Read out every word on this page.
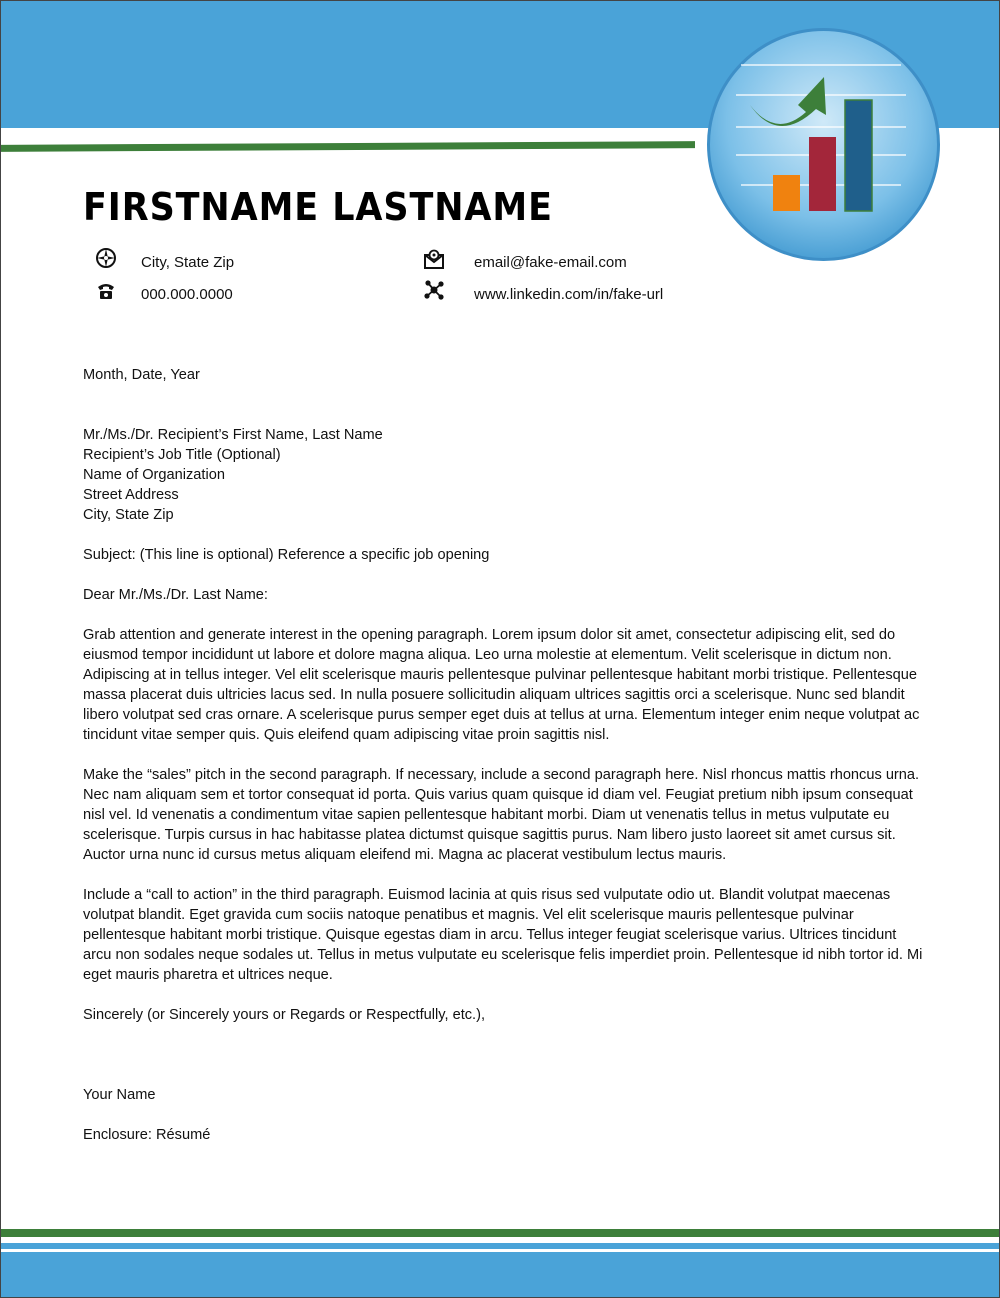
FIRSTNAME LASTNAME
City, State Zip
000.000.0000
email@fake-email.com
www.linkedin.com/in/fake-url

Month, Date, Year

Mr./Ms./Dr. Recipient’s First Name, Last Name

Recipient’s Job Title (Optional)

Name of Organization

Street Address

City, State Zip

Subject: (This line is optional) Reference a specific job opening

Dear Mr./Ms./Dr. Last Name:

Grab attention and generate interest in the opening paragraph. Lorem ipsum dolor sit amet, consectetur adipiscing elit, sed do eiusmod tempor incididunt ut labore et dolore magna aliqua. Leo urna molestie at elementum. Velit scelerisque in dictum non. Adipiscing at in tellus integer. Vel elit scelerisque mauris pellentesque pulvinar pellentesque habitant morbi tristique. Pellentesque massa placerat duis ultricies lacus sed. In nulla posuere sollicitudin aliquam ultrices sagittis orci a scelerisque. Nunc sed blandit libero volutpat sed cras ornare. A scelerisque purus semper eget duis at tellus at urna. Elementum integer enim neque volutpat ac tincidunt vitae semper quis. Quis eleifend quam adipiscing vitae proin sagittis nisl.

Make the “sales” pitch in the second paragraph. If necessary, include a second paragraph here. Nisl rhoncus mattis rhoncus urna. Nec nam aliquam sem et tortor consequat id porta. Quis varius quam quisque id diam vel. Feugiat pretium nibh ipsum consequat nisl vel. Id venenatis a condimentum vitae sapien pellentesque habitant morbi. Diam ut venenatis tellus in metus vulputate eu scelerisque. Turpis cursus in hac habitasse platea dictumst quisque sagittis purus. Nam libero justo laoreet sit amet cursus sit. Auctor urna nunc id cursus metus aliquam eleifend mi. Magna ac placerat vestibulum lectus mauris.

Include a “call to action” in the third paragraph. Euismod lacinia at quis risus sed vulputate odio ut. Blandit volutpat maecenas volutpat blandit. Eget gravida cum sociis natoque penatibus et magnis. Vel elit scelerisque mauris pellentesque pulvinar pellentesque habitant morbi tristique. Quisque egestas diam in arcu. Tellus integer feugiat scelerisque varius. Ultrices tincidunt arcu non sodales neque sodales ut. Tellus in metus vulputate eu scelerisque felis imperdiet proin. Pellentesque id nibh tortor id. Mi eget mauris pharetra et ultrices neque.

Sincerely (or Sincerely yours or Regards or Respectfully, etc.),

Your Name

Enclosure: Résumé
